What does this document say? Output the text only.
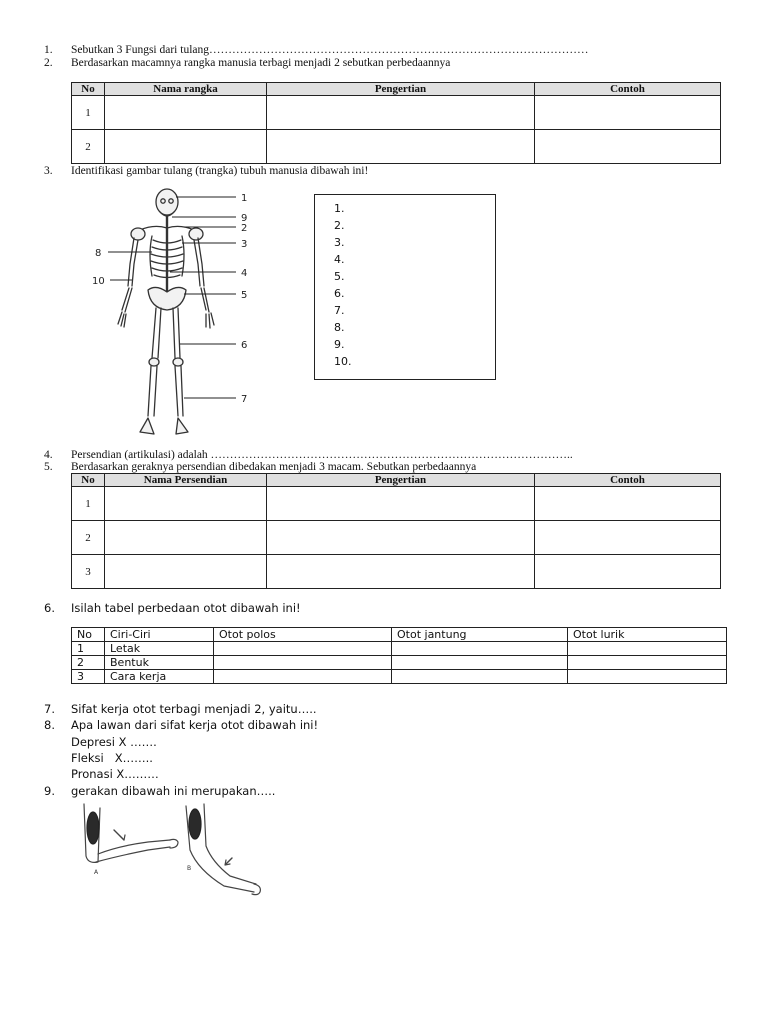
1. Sebutkan 3 Fungsi dari tulang………………………………………………………………………………………
2. Berdasarkan macamnya rangka manusia terbagi menjadi 2 sebutkan perbedaannya
No	Nama rangka	Pengertian	Contoh
1			
2			
3. Identifikasi gambar tulang (trangka) tubuh manusia dibawah ini!
1
9
2
3
4
5
6
7
8
10
1.
2.
3.
4.
5.
6.
7.
8.
9.
10.
4. Persendian (artikulasi) adalah …………………………………………………………………………………..
5. Berdasarkan geraknya persendian dibedakan menjadi 3 macam. Sebutkan perbedaannya
No	Nama Persendian	Pengertian	Contoh
1			
2			
3			
6. Isilah tabel perbedaan otot dibawah ini!
No	Ciri-Ciri	Otot polos	Otot jantung	Otot lurik
1	Letak			
2	Bentuk			
3	Cara kerja			
7. Sifat kerja otot terbagi menjadi 2, yaitu…..
8. Apa lawan dari sifat kerja otot dibawah ini!
Depresi X …….
Fleksi   X……..
Pronasi X………
9. gerakan dibawah ini merupakan…..
A
B
